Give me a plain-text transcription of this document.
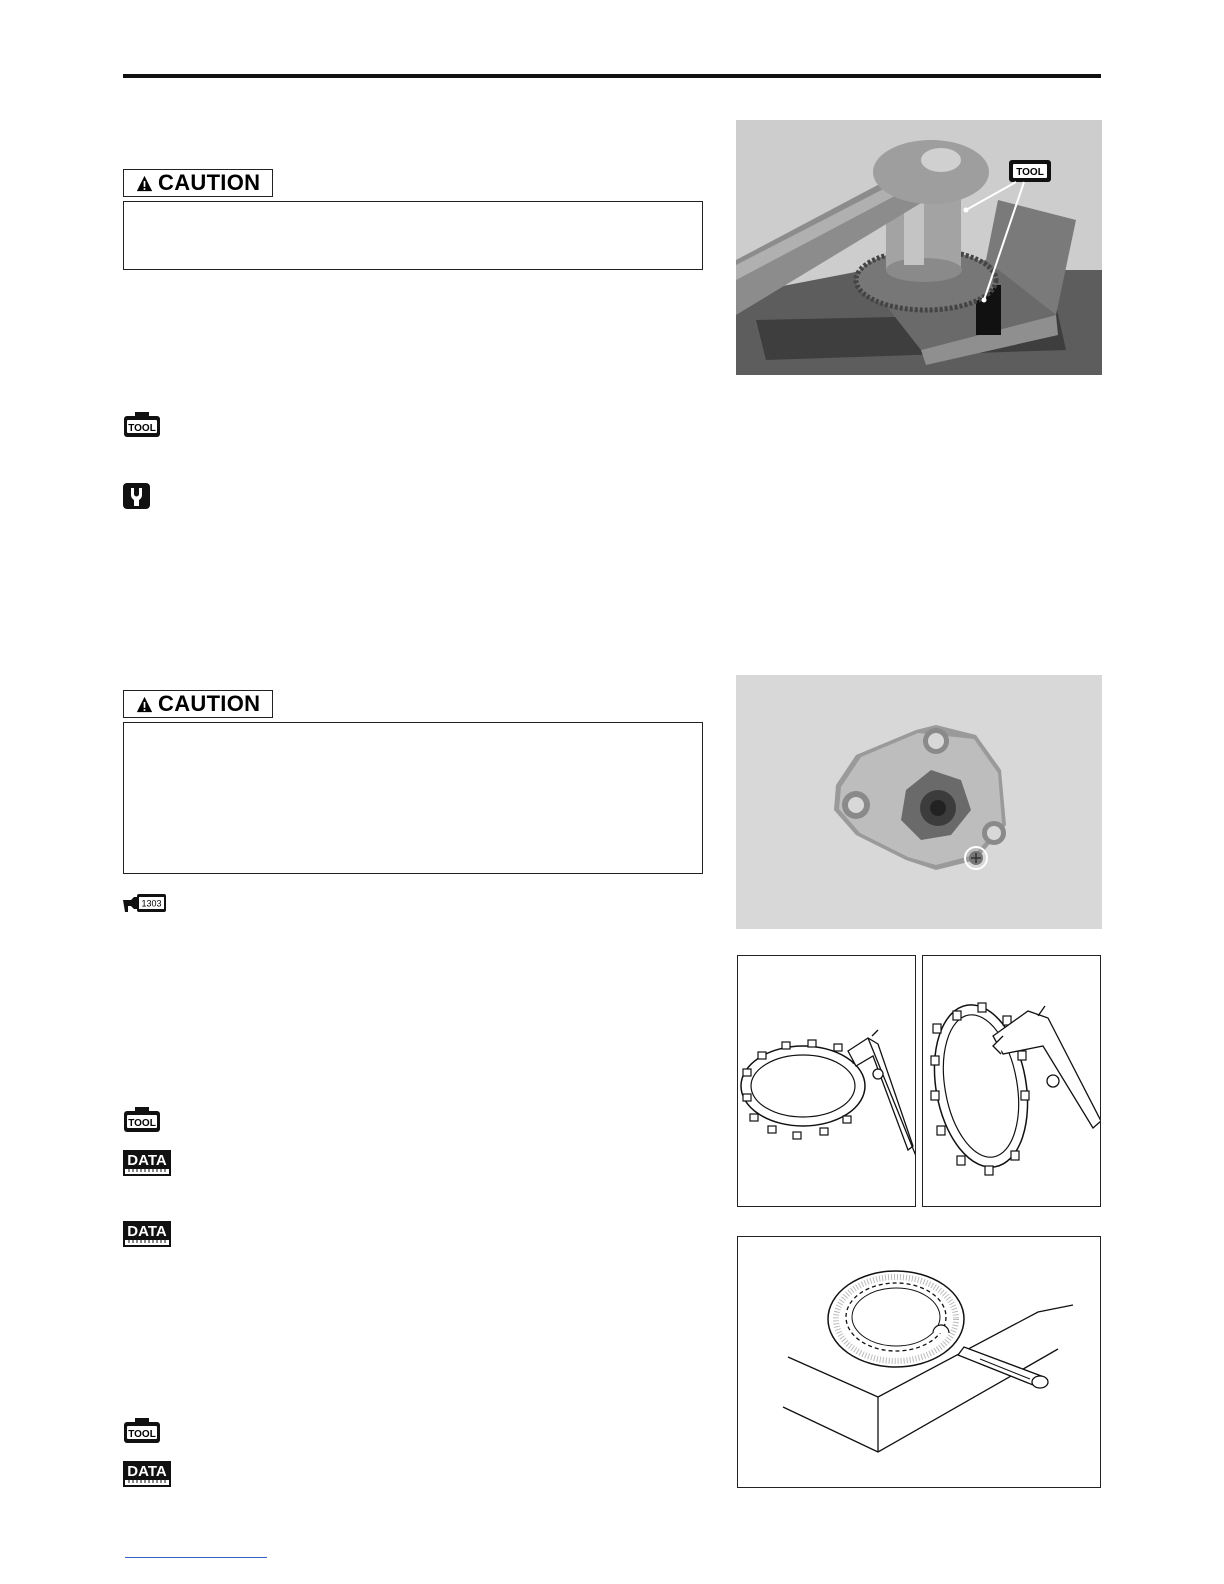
CAUTION	TOOL
TOOL
CAUTION
1303
TOOL
DATA
DATA
TOOL
DATA
